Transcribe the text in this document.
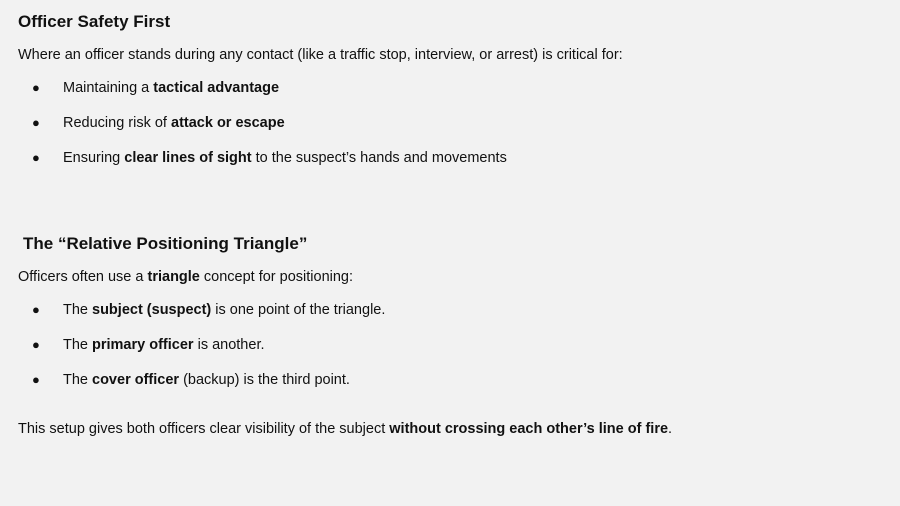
Officer Safety First

Where an officer stands during any contact (like a traffic stop, interview, or arrest) is critical for:

● Maintaining a tactical advantage
● Reducing risk of attack or escape
● Ensuring clear lines of sight to the suspect’s hands and movements
The “Relative Positioning Triangle”

Officers often use a triangle concept for positioning:

● The subject (suspect) is one point of the triangle.
● The primary officer is another.
● The cover officer (backup) is the third point.

This setup gives both officers clear visibility of the subject without crossing each other’s line of fire.
